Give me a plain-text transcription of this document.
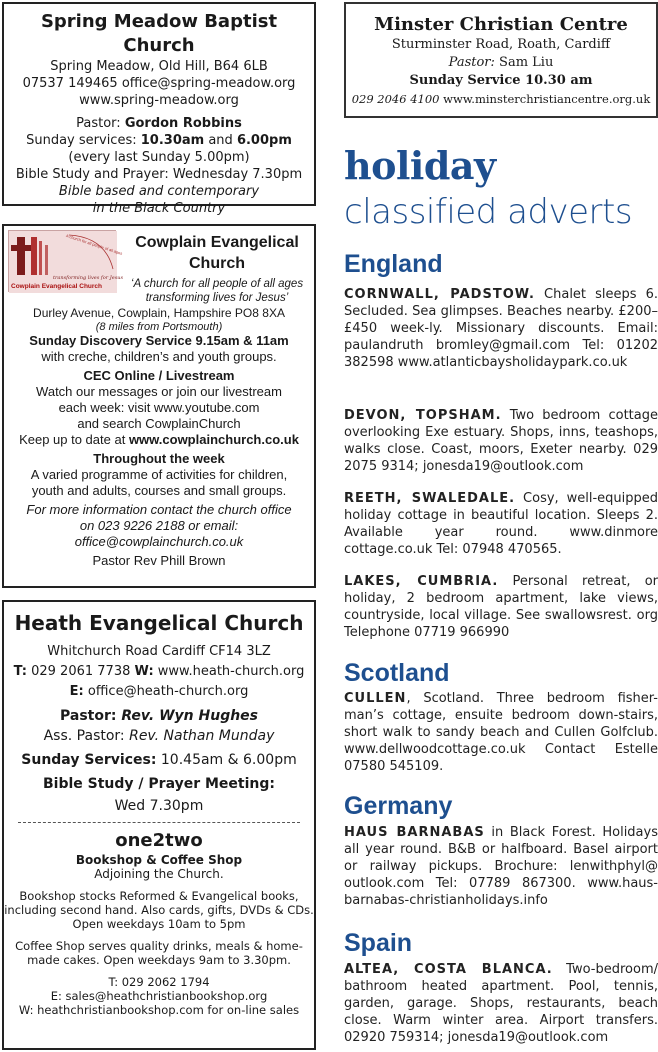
Spring Meadow Baptist Church
Spring Meadow, Old Hill, B64 6LB
07537 149465 office@spring-meadow.org
www.spring-meadow.org
Pastor: Gordon Robbins
Sunday services: 10.30am and 6.00pm
(every last Sunday 5.00pm)
Bible Study and Prayer: Wednesday 7.30pm
Bible based and contemporary
in the Black Country
Minster Christian Centre
Sturminster Road, Roath, Cardiff
Pastor: Sam Liu
Sunday Service 10.30 am
029 2046 4100 www.minsterchristiancentre.org.uk
transforming lives for Jesus
Cowplain Evangelical Church
A church for all people of all ages Cowplain Evangelical Church
‘A church for all people of all ages transforming lives for Jesus’
Durley Avenue, Cowplain, Hampshire PO8 8XA
(8 miles from Portsmouth)
Sunday Discovery Service 9.15am & 11am
with creche, children’s and youth groups.
CEC Online / Livestream
Watch our messages or join our livestream
each week: visit www.youtube.com
and search CowplainChurch
Keep up to date at www.cowplainchurch.co.uk
Throughout the week
A varied programme of activities for children,
youth and adults, courses and small groups.
For more information contact the church office
on 023 9226 2188 or email:
office@cowplainchurch.co.uk
Pastor Rev Phill Brown
Heath Evangelical Church
Whitchurch Road Cardiff CF14 3LZ
T: 029 2061 7738 W: www.heath-church.org
E: office@heath-church.org
Pastor: Rev. Wyn Hughes
Ass. Pastor: Rev. Nathan Munday
Sunday Services: 10.45am & 6.00pm
Bible Study / Prayer Meeting:
Wed 7.30pm
one2two
Bookshop & Coffee Shop
Adjoining the Church.
Bookshop stocks Reformed & Evangelical books,
including second hand. Also cards, gifts, DVDs & CDs.
Open weekdays 10am to 5pm
Coffee Shop serves quality drinks, meals & home-
made cakes. Open weekdays 9am to 3.30pm.
T: 029 2062 1794
E: sales@heathchristianbookshop.org
W: heathchristianbookshop.com for on-line sales
holiday
classified adverts
England
CORNWALL, PADSTOW. Chalet sleeps 6. Secluded. Sea glimpses. Beaches nearby. £200–£450 week-ly. Missionary discounts. Email: paulandruth bromley@gmail.com Tel: 01202 382598 www.atlanticbaysholidaypark.co.uk
DEVON, TOPSHAM. Two bedroom cottage overlooking Exe estuary. Shops, inns, teashops, walks close. Coast, moors, Exeter nearby. 029 2075 9314; jonesda19@outlook.com
REETH, SWALEDALE. Cosy, well-equipped holiday cottage in beautiful location. Sleeps 2. Available year round. www.dinmore cottage.co.uk Tel: 07948 470565.
LAKES, CUMBRIA. Personal retreat, or holiday, 2 bedroom apartment, lake views, countryside, local village. See swallowsrest. org Telephone 07719 966990
Scotland
CULLEN, Scotland. Three bedroom fisher-man’s cottage, ensuite bedroom down-stairs, short walk to sandy beach and Cullen Golfclub. www.dellwoodcottage.co.uk Contact Estelle 07580 545109.
Germany
HAUS BARNABAS in Black Forest. Holidays all year round. B&B or halfboard. Basel airport or railway pickups. Brochure: lenwithphyl@ outlook.com Tel: 07789 867300. www.haus-barnabas-christianholidays.info
Spain
ALTEA, COSTA BLANCA. Two-bedroom/ bathroom heated apartment. Pool, tennis, garden, garage. Shops, restaurants, beach close. Warm winter area. Airport transfers. 02920 759314; jonesda19@outlook.com
